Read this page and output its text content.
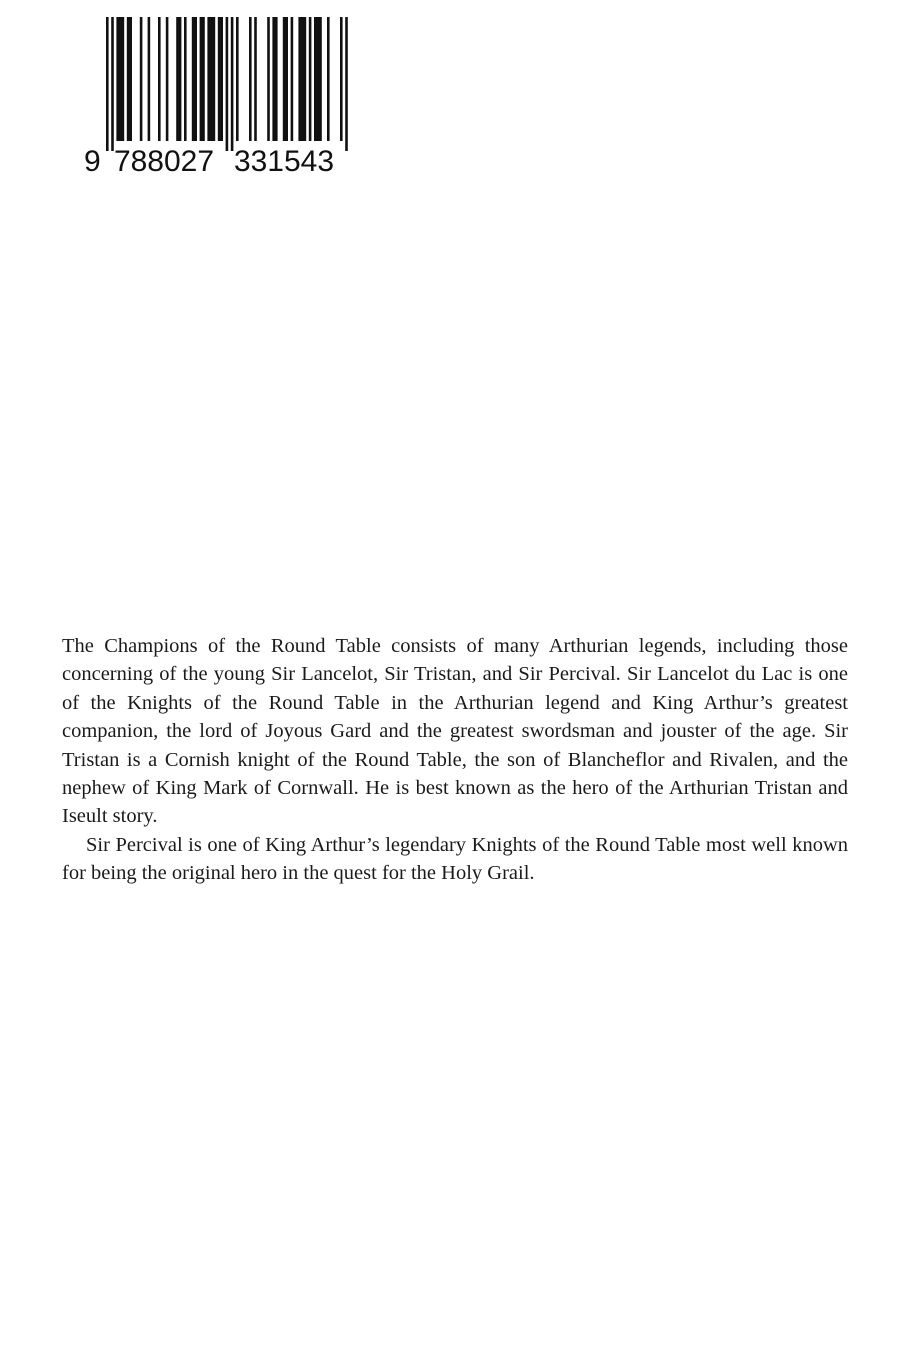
9 788027 331543

The Champions of the Round Table consists of many Arthurian legends, including those concerning of the young Sir Lancelot, Sir Tristan, and Sir Percival. Sir Lancelot du Lac is one of the Knights of the Round Table in the Arthurian legend and King Arthur’s greatest companion, the lord of Joyous Gard and the greatest swordsman and jouster of the age. Sir Tristan is a Cornish knight of the Round Table, the son of Blancheflor and Rivalen, and the nephew of King Mark of Cornwall. He is best known as the hero of the Arthurian Tristan and Iseult story.

Sir Percival is one of King Arthur’s legendary Knights of the Round Table most well known for being the original hero in the quest for the Holy Grail.
